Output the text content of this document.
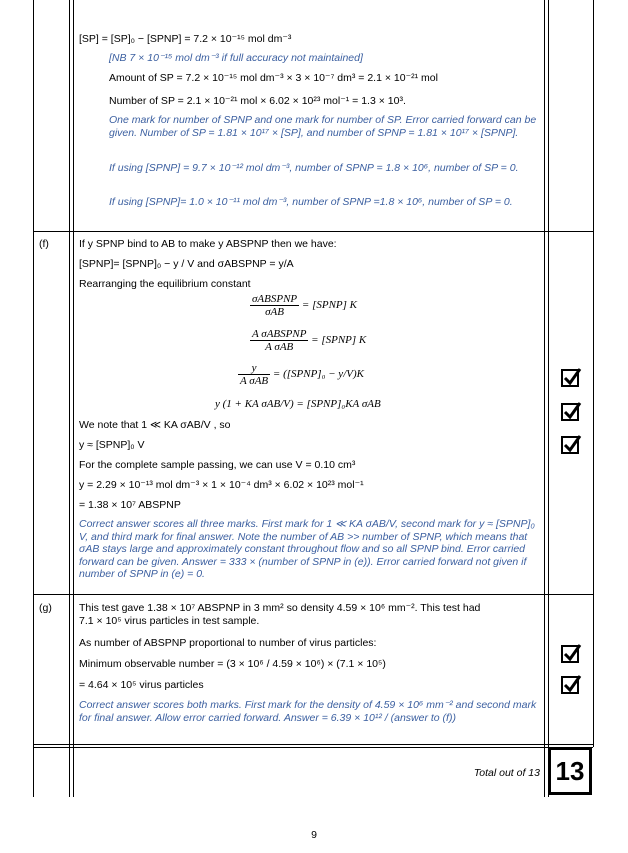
[SP] = [SP]₀ − [SPNP] = 7.2 × 10⁻¹⁵ mol dm⁻³
[NB 7 × 10⁻¹⁵ mol dm⁻³ if full accuracy not maintained]
Amount of SP = 7.2 × 10⁻¹⁵ mol dm⁻³ × 3 × 10⁻⁷ dm³ = 2.1 × 10⁻²¹ mol
Number of SP = 2.1 × 10⁻²¹ mol × 6.02 × 10²³ mol⁻¹ = 1.3 × 10³.
One mark for number of SPNP and one mark for number of SP. Error carried forward can be given. Number of SP = 1.81 × 10¹⁷ × [SP], and number of SPNP = 1.81 × 10¹⁷ × [SPNP].
If using [SPNP] = 9.7 × 10⁻¹² mol dm⁻³, number of SPNP = 1.8 × 10⁶, number of SP = 0.
If using [SPNP]= 1.0 × 10⁻¹¹ mol dm⁻³, number of SPNP =1.8 × 10⁶, number of SP = 0.
(f)	If y SPNP bind to AB to make y ABSPNP then we have:
[SPNP]= [SPNP]₀ − y / V and σABSPNP = y/A
Rearranging the equilibrium constant
$\frac{\text{σABSPNP}}{\text{σAB}}$ = [SPNP] K
$\frac{\text{A σABSPNP}}{\text{A σAB}}$ = [SPNP] K
$\frac{y}{\text{A σAB}}$ = ([SPNP]₀ − y/V)K
y (1 + KA σAB/V) = [SPNP]₀KA σAB
We note that 1 ≪ KA σAB/V , so
y ≈ [SPNP]₀ V
For the complete sample passing, we can use V = 0.10 cm³
y = 2.29 × 10⁻¹³ mol dm⁻³ × 1 × 10⁻⁴ dm³ × 6.02 × 10²³ mol⁻¹
= 1.38 × 10⁷ ABSPNP
Correct answer scores all three marks. First mark for 1 ≪ KA σAB/V, second mark for y ≈ [SPNP]₀ V, and third mark for final answer. Note the number of AB >> number of SPNP, which means that σAB stays large and approximately constant throughout flow and so all SPNP bind. Error carried forward can be given. Answer = 333 × (number of SPNP in (e)). Error carried forward not given if number of SPNP in (e) = 0.
(g)	This test gave 1.38 × 10⁷ ABSPNP in 3 mm² so density 4.59 × 10⁶ mm⁻². This test had
7.1 × 10⁵ virus particles in test sample.
As number of ABSPNP proportional to number of virus particles:
Minimum observable number = (3 × 10⁶ / 4.59 × 10⁶) × (7.1 × 10⁵)
= 4.64 × 10⁵ virus particles
Correct answer scores both marks. First mark for the density of 4.59 × 10⁶ mm⁻² and second mark for final answer. Allow error carried forward. Answer = 6.39 × 10¹² / (answer to (f))
Total out of 13 13
9
